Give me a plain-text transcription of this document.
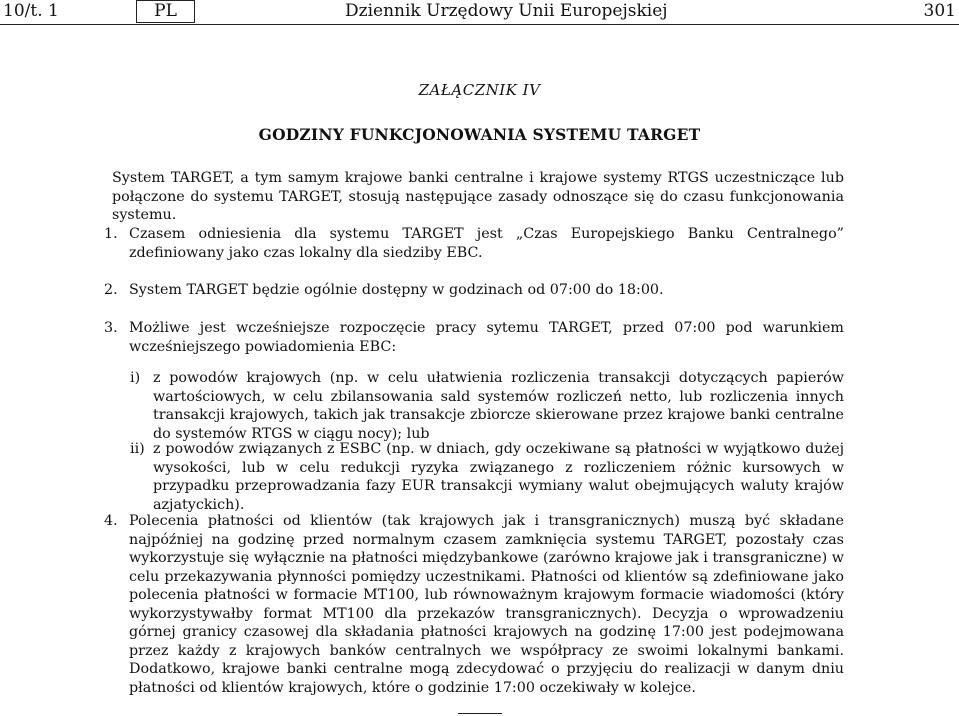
10/t. 1	PL	Dziennik Urzędowy Unii Europejskiej	301
ZAŁĄCZNIK IV
GODZINY FUNKCJONOWANIA SYSTEMU TARGET
System TARGET, a tym samym krajowe banki centralne i krajowe systemy RTGS uczestniczące lub połączone do systemu TARGET, stosują następujące zasady odnoszące się do czasu funkcjonowania systemu.
1. Czasem odniesienia dla systemu TARGET jest „Czas Europejskiego Banku Centralnego” zdefiniowany jako czas lokalny dla siedziby EBC.
2. System TARGET będzie ogólnie dostępny w godzinach od 07:00 do 18:00.
3. Możliwe jest wcześniejsze rozpoczęcie pracy sytemu TARGET, przed 07:00 pod warunkiem wcześniejszego powiadomienia EBC:
i) z powodów krajowych (np. w celu ułatwienia rozliczenia transakcji dotyczących papierów wartościowych, w celu zbilansowania sald systemów rozliczeń netto, lub rozliczenia innych transakcji krajowych, takich jak transakcje zbiorcze skierowane przez krajowe banki centralne do systemów RTGS w ciągu nocy); lub
ii) z powodów związanych z ESBC (np. w dniach, gdy oczekiwane są płatności w wyjątkowo dużej wysokości, lub w celu redukcji ryzyka związanego z rozliczeniem różnic kursowych w przypadku przeprowadzania fazy EUR transakcji wymiany walut obejmujących waluty krajów azjatyckich).
4. Polecenia płatności od klientów (tak krajowych jak i transgranicznych) muszą być składane najpóźniej na godzinę przed normalnym czasem zamknięcia systemu TARGET, pozostały czas wykorzystuje się wyłącznie na płatności międzybankowe (zarówno krajowe jak i transgraniczne) w celu przekazywania płynności pomiędzy uczestnikami. Płatności od klientów są zdefiniowane jako polecenia płatności w formacie MT100, lub równoważnym krajowym formacie wiadomości (który wykorzystywałby format MT100 dla przekazów transgranicznych). Decyzja o wprowadzeniu górnej granicy czasowej dla składania płatności krajowych na godzinę 17:00 jest podejmowana przez każdy z krajowych banków centralnych we współpracy ze swoimi lokalnymi bankami. Dodatkowo, krajowe banki centralne mogą zdecydować o przyjęciu do realizacji w danym dniu płatności od klientów krajowych, które o godzinie 17:00 oczekiwały w kolejce.
